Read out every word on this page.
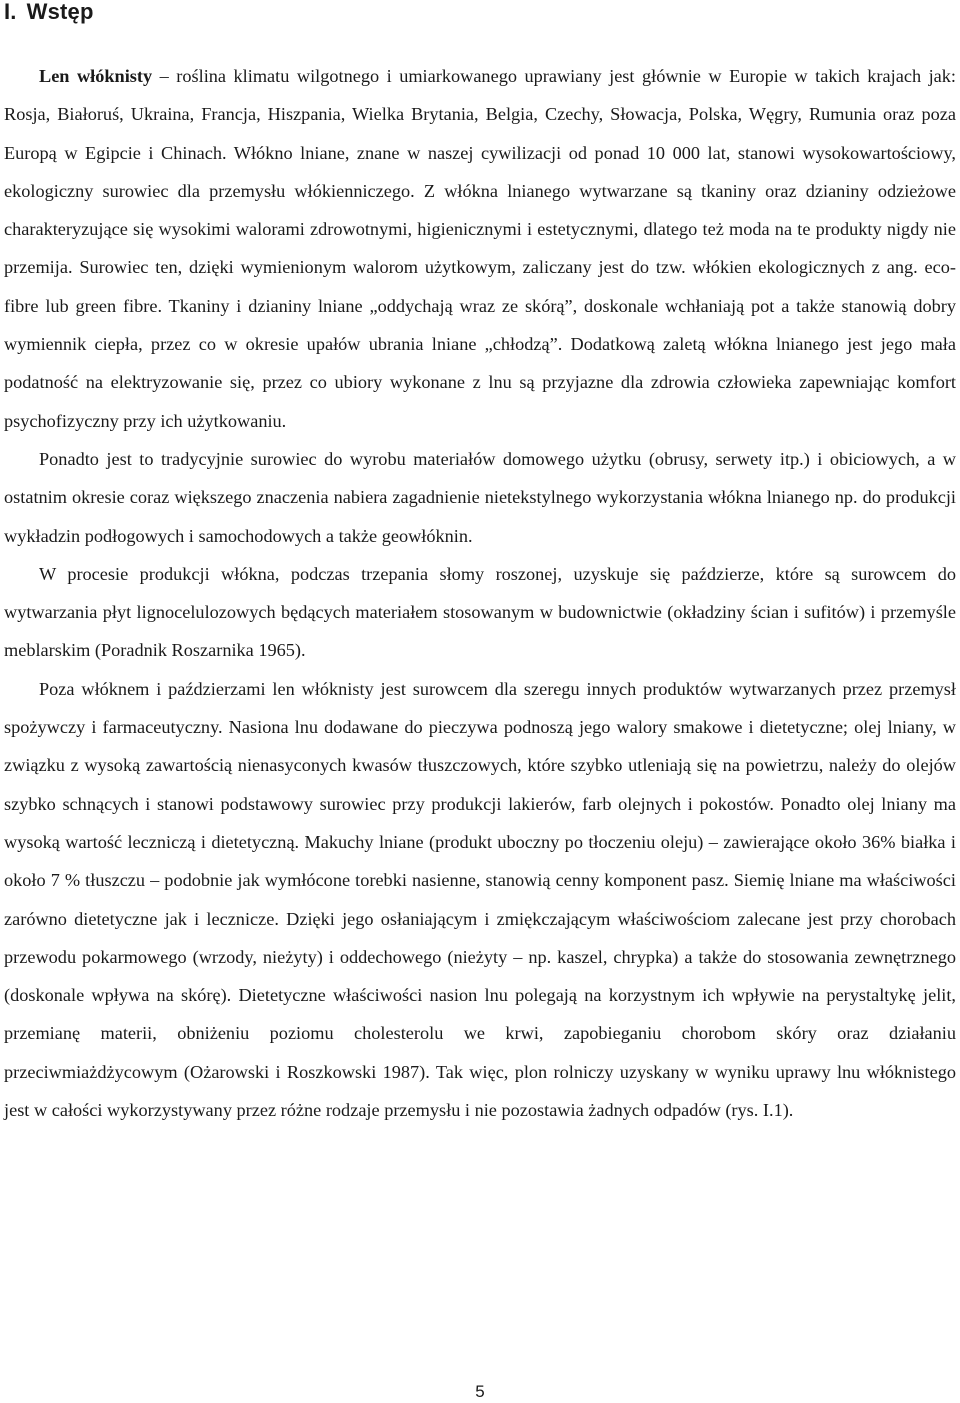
I. Wstęp

Len włóknisty – roślina klimatu wilgotnego i umiarkowanego uprawiany jest głównie w Europie w takich krajach jak: Rosja, Białoruś, Ukraina, Francja, Hiszpania, Wielka Brytania, Belgia, Czechy, Słowacja, Polska, Węgry, Rumunia oraz poza Europą w Egipcie i Chinach. Włókno lniane, znane w naszej cywilizacji od ponad 10 000 lat, stanowi wysokowartościowy, ekologiczny surowiec dla przemysłu włókienniczego. Z włókna lnianego wytwarzane są tkaniny oraz dzianiny odzieżowe charakteryzujące się wysokimi walorami zdrowotnymi, higienicznymi i estetycznymi, dlatego też moda na te produkty nigdy nie przemija. Surowiec ten, dzięki wymienionym walorom użytkowym, zaliczany jest do tzw. włókien ekologicznych z ang. eco-fibre lub green fibre. Tkaniny i dzianiny lniane „oddychają wraz ze skórą”, doskonale wchłaniają pot a także stanowią dobry wymiennik ciepła, przez co w okresie upałów ubrania lniane „chłodzą”. Dodatkową zaletą włókna lnianego jest jego mała podatność na elektryzowanie się, przez co ubiory wykonane z lnu są przyjazne dla zdrowia człowieka zapewniając komfort psychofizyczny przy ich użytkowaniu.

Ponadto jest to tradycyjnie surowiec do wyrobu materiałów domowego użytku (obrusy, serwety itp.) i obiciowych, a w ostatnim okresie coraz większego znaczenia nabiera zagadnienie nietekstylnego wykorzystania włókna lnianego np. do produkcji wykładzin podłogowych i samochodowych a także geowłóknin.

W procesie produkcji włókna, podczas trzepania słomy roszonej, uzyskuje się paździerze, które są surowcem do wytwarzania płyt lignocelulozowych będących materiałem stosowanym w budownictwie (okładziny ścian i sufitów) i przemyśle meblarskim (Poradnik Roszarnika 1965).

Poza włóknem i paździerzami len włóknisty jest surowcem dla szeregu innych produktów wytwarzanych przez przemysł spożywczy i farmaceutyczny. Nasiona lnu dodawane do pieczywa podnoszą jego walory smakowe i dietetyczne; olej lniany, w związku z wysoką zawartością nienasyconych kwasów tłuszczowych, które szybko utleniają się na powietrzu, należy do olejów szybko schnących i stanowi podstawowy surowiec przy produkcji lakierów, farb olejnych i pokostów. Ponadto olej lniany ma wysoką wartość leczniczą i dietetyczną. Makuchy lniane (produkt uboczny po tłoczeniu oleju) – zawierające około 36% białka i około 7 % tłuszczu – podobnie jak wymłócone torebki nasienne, stanowią cenny komponent pasz. Siemię lniane ma właściwości zarówno dietetyczne jak i lecznicze. Dzięki jego osłaniającym i zmiękczającym właściwościom zalecane jest przy chorobach przewodu pokarmowego (wrzody, nieżyty) i oddechowego (nieżyty – np. kaszel, chrypka) a także do stosowania zewnętrznego (doskonale wpływa na skórę). Dietetyczne właściwości nasion lnu polegają na korzystnym ich wpływie na perystaltykę jelit, przemianę materii, obniżeniu poziomu cholesterolu we krwi, zapobieganiu chorobom skóry oraz działaniu przeciwmiażdżycowym (Ożarowski i Roszkowski 1987). Tak więc, plon rolniczy uzyskany w wyniku uprawy lnu włóknistego jest w całości wykorzystywany przez różne rodzaje przemysłu i nie pozostawia żadnych odpadów (rys. I.1).

5
